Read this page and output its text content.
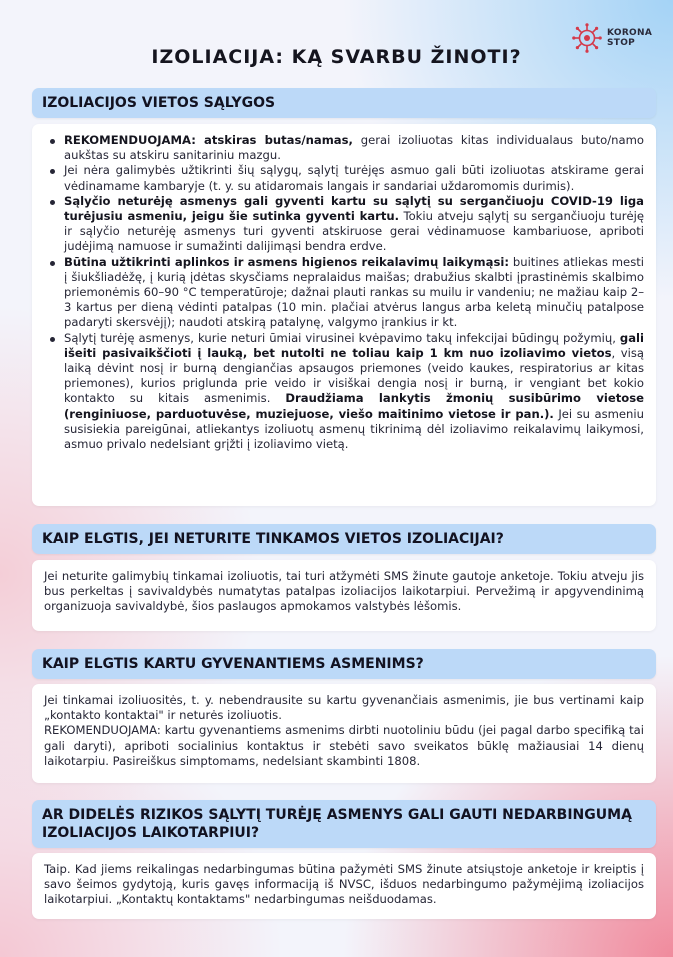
KORONA
STOP
IZOLIACIJA: KĄ SVARBU ŽINOTI?
IZOLIACIJOS VIETOS SĄLYGOS
REKOMENDUOJAMA: atskiras butas/namas, gerai izoliuotas kitas individualaus buto/namo aukštas su atskiru sanitariniu mazgu.
Jei nėra galimybės užtikrinti šių sąlygų, sąlytį turėjęs asmuo gali būti izoliuotas atskirame gerai vėdinamame kambaryje (t. y. su atidaromais langais ir sandariai uždaromomis durimis).
Sąlyčio neturėję asmenys gali gyventi kartu su sąlytį su sergančiuoju COVID-19 liga turėjusiu asmeniu, jeigu šie sutinka gyventi kartu. Tokiu atveju sąlytį su sergančiuoju turėję ir sąlyčio neturėję asmenys turi gyventi atskiruose gerai vėdinamuose kambariuose, apriboti judėjimą namuose ir sumažinti dalijimąsi bendra erdve.
Būtina užtikrinti aplinkos ir asmens higienos reikalavimų laikymąsi: buitines atliekas mesti į šiukšliadėžę, į kurią įdėtas skysčiams nepralaidus maišas; drabužius skalbti įprastinėmis skalbimo priemonėmis 60–90 °C temperatūroje; dažnai plauti rankas su muilu ir vandeniu; ne mažiau kaip 2–3 kartus per dieną vėdinti patalpas (10 min. plačiai atvėrus langus arba keletą minučių patalpose padaryti skersvėjį); naudoti atskirą patalynę, valgymo įrankius ir kt.
Sąlytį turėję asmenys, kurie neturi ūmiai virusinei kvėpavimo takų infekcijai būdingų požymių, gali išeiti pasivaikščioti į lauką, bet nutolti ne toliau kaip 1 km nuo izoliavimo vietos, visą laiką dėvint nosį ir burną dengiančias apsaugos priemones (veido kaukes, respiratorius ar kitas priemones), kurios priglunda prie veido ir visiškai dengia nosį ir burną, ir vengiant bet kokio kontakto su kitais asmenimis. Draudžiama lankytis žmonių susibūrimo vietose (renginiuose, parduotuvėse, muziejuose, viešo maitinimo vietose ir pan.). Jei su asmeniu susisiekia pareigūnai, atliekantys izoliuotų asmenų tikrinimą dėl izoliavimo reikalavimų laikymosi, asmuo privalo nedelsiant grįžti į izoliavimo vietą.
KAIP ELGTIS, JEI NETURITE TINKAMOS VIETOS IZOLIACIJAI?

Jei neturite galimybių tinkamai izoliuotis, tai turi atžymėti SMS žinute gautoje anketoje. Tokiu atveju jis bus perkeltas į savivaldybės numatytas patalpas izoliacijos laikotarpiui. Pervežimą ir apgyvendinimą organizuoja savivaldybė, šios paslaugos apmokamos valstybės lėšomis.

KAIP ELGTIS KARTU GYVENANTIEMS ASMENIMS?

Jei tinkamai izoliuositės, t. y. nebendrausite su kartu gyvenančiais asmenimis, jie bus vertinami kaip „kontakto kontaktai" ir neturės izoliuotis.

REKOMENDUOJAMA: kartu gyvenantiems asmenims dirbti nuotoliniu būdu (jei pagal darbo specifiką tai gali daryti), apriboti socialinius kontaktus ir stebėti savo sveikatos būklę mažiausiai 14 dienų laikotarpiu. Pasireiškus simptomams, nedelsiant skambinti 1808.

AR DIDELĖS RIZIKOS SĄLYTĮ TURĖJĘ ASMENYS GALI GAUTI NEDARBINGUMĄ IZOLIACIJOS LAIKOTARPIUI?

Taip. Kad jiems reikalingas nedarbingumas būtina pažymėti SMS žinute atsiųstoje anketoje ir kreiptis į savo šeimos gydytoją, kuris gavęs informaciją iš NVSC, išduos nedarbingumo pažymėjimą izoliacijos laikotarpiui. „Kontaktų kontaktams" nedarbingumas neišduodamas.
